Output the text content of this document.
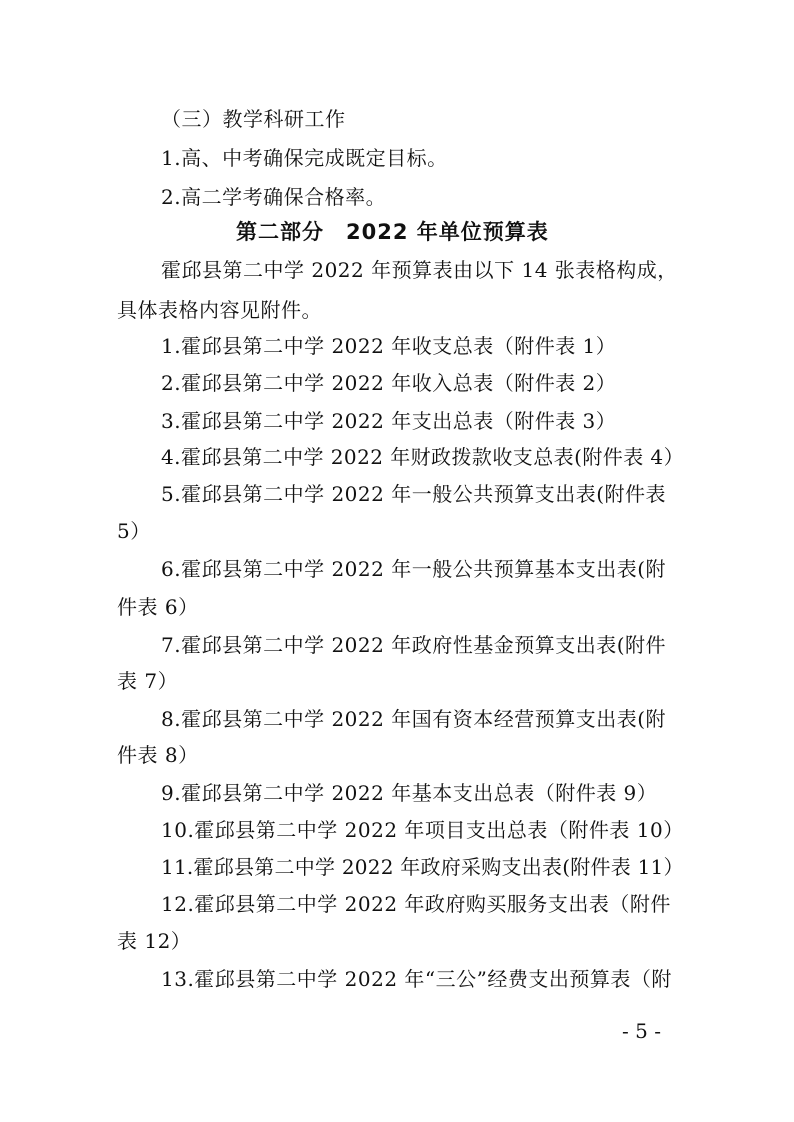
（三）教学科研工作
1.高、中考确保完成既定目标。
2.高二学考确保合格率。
第二部分　2022 年单位预算表
霍邱县第二中学 2022 年预算表由以下 14 张表格构成，
具体表格内容见附件。
1.霍邱县第二中学 2022 年收支总表（附件表 1）
2.霍邱县第二中学 2022 年收入总表（附件表 2）
3.霍邱县第二中学 2022 年支出总表（附件表 3）
4.霍邱县第二中学 2022 年财政拨款收支总表(附件表 4）
5.霍邱县第二中学 2022 年一般公共预算支出表(附件表
5）
6.霍邱县第二中学 2022 年一般公共预算基本支出表(附
件表 6）
7.霍邱县第二中学 2022 年政府性基金预算支出表(附件
表 7）
8.霍邱县第二中学 2022 年国有资本经营预算支出表(附
件表 8）
9.霍邱县第二中学 2022 年基本支出总表（附件表 9）
10.霍邱县第二中学 2022 年项目支出总表（附件表 10）
11.霍邱县第二中学 2022 年政府采购支出表(附件表 11）
12.霍邱县第二中学 2022 年政府购买服务支出表（附件
表 12）
13.霍邱县第二中学 2022 年“三公”经费支出预算表（附
- 5 -
